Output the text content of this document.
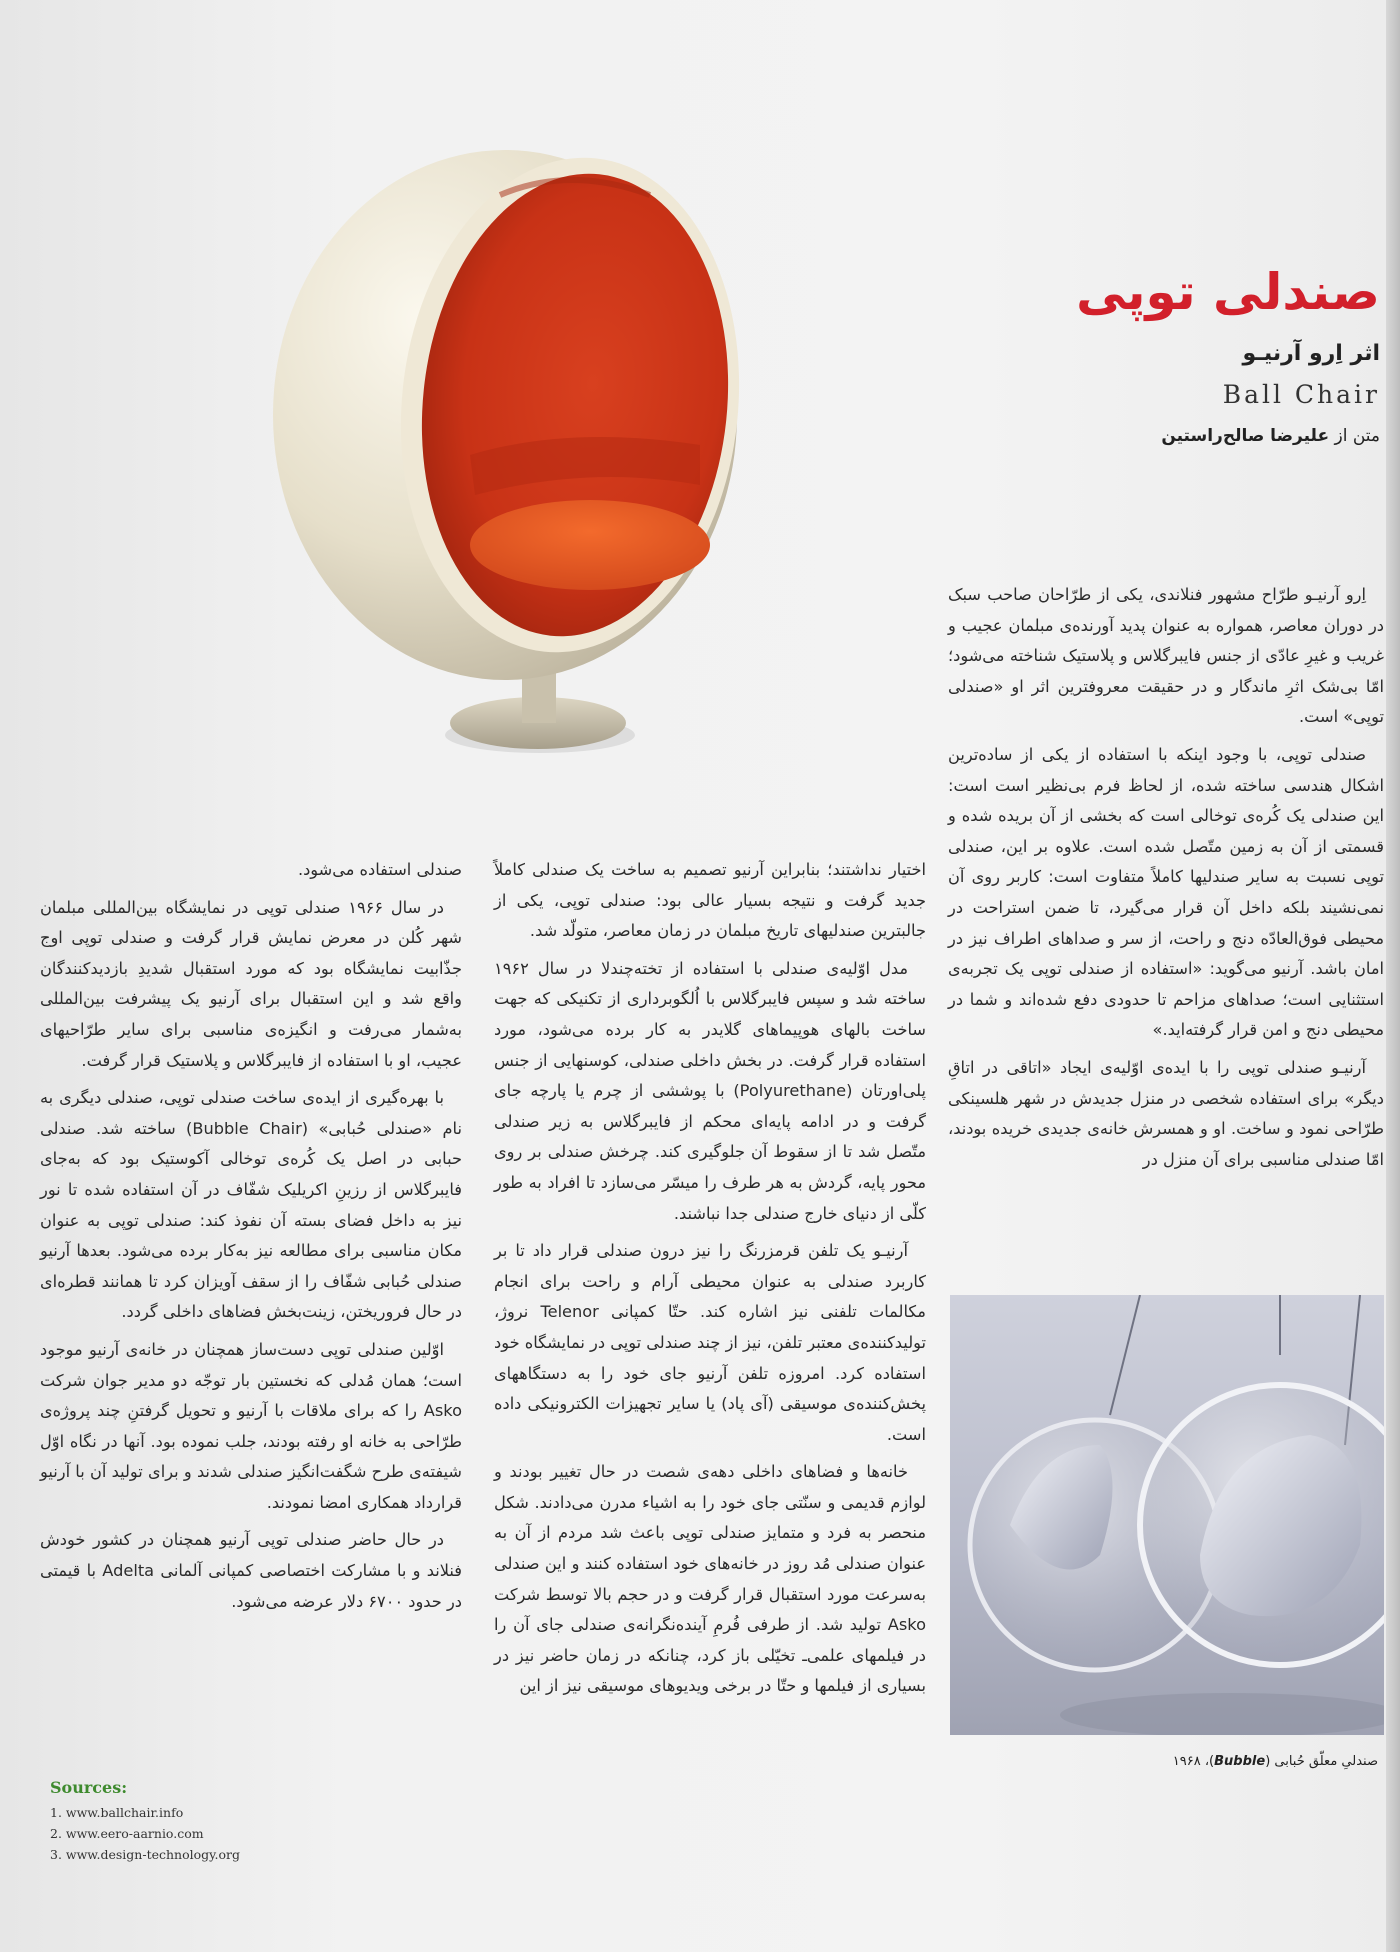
صندلی توپی
اثر اِرو آرنیـو
Ball Chair
متن از علیرضا صالح‌راستین

اِرو آرنیـو طرّاح مشهور فنلاندی، یکی از طرّاحان صاحب سبک در دوران معاصر، همواره به عنوان پدید آورنده‌ی مبلمان عجیب و غریب و غیرِ عادّی از جنس فایبرگلاس و پلاستیک شناخته می‌شود؛ امّا بی‌شک اثرِ ماندگار و در حقیقت معروفترین اثر او «صندلی توپی» است.

صندلی توپی، با وجود اینکه با استفاده از یکی از ساده‌ترین اشکال هندسی ساخته شده، از لحاظ فرم بی‌نظیر است است: این صندلی یک کُره‌ی توخالی است که بخشی از آن بریده شده و قسمتی از آن به زمین متّصل شده است. علاوه بر این، صندلی توپی نسبت به سایر صندلیها کاملاً متفاوت است: کاربر روی آن نمی‌نشیند بلکه داخل آن قرار می‌گیرد، تا ضمن استراحت در محیطی فوق‌العادّه دنج و راحت، از سر و صداهای اطراف نیز در امان باشد. آرنیو می‌گوید: «استفاده از صندلی توپی یک تجربه‌ی استثنایی است؛ صداهای مزاحم تا حدودی دفع شده‌اند و شما در محیطی دنج و امن قرار گرفته‌اید.»

آرنیـو صندلی توپی را با ایده‌ی اوّلیه‌ی ایجاد «اتاقی در اتاقِ دیگر» برای استفاده شخصی در منزل جدیدش در شهر هلسینکی طرّاحی نمود و ساخت. او و همسرش خانه‌ی جدیدی خریده بودند، امّا صندلی مناسبی برای آن منزل در

اختیار نداشتند؛ بنابراین آرنیو تصمیم به ساخت یک صندلی کاملاً جدید گرفت و نتیجه بسیار عالی بود: صندلی توپی، یکی از جالبترین صندلیهای تاریخ مبلمان در زمان معاصر، متولّد شد.

مدل اوّلیه‌ی صندلی با استفاده از تخته‌چندلا در سال ۱۹۶۲ ساخته شد و سپس فایبرگلاس با اُلگوبرداری از تکنیکی که جهت ساخت بالهای هوپیماهای گلایدر به کار برده می‌شود، مورد استفاده قرار گرفت. در بخش داخلی صندلی، کوسنهایی از جنس پلی‌اورتان (Polyurethane) با پوششی از چرم یا پارچه جای گرفت و در ادامه پایه‌ای محکم از فایبرگلاس به زیر صندلی متّصل شد تا از سقوط آن جلوگیری کند. چرخش صندلی بر روی محور پایه، گردش به هر طرف را میسّر می‌سازد تا افراد به طور کلّی از دنیای خارج صندلی جدا نباشند.

آرنیـو یک تلفن قرمزرنگ را نیز درون صندلی قرار داد تا بر کاربرد صندلی به عنوان محیطی آرام و راحت برای انجام مکالمات تلفنی نیز اشاره کند. حتّا کمپانی Telenor نروژ، تولیدکننده‌ی معتبر تلفن، نیز از چند صندلی توپی در نمایشگاه خود استفاده کرد. امروزه تلفن آرنیو جای خود را به دستگاههای پخش‌کننده‌ی موسیقی (آی پاد) یا سایر تجهیزات الکترونیکی داده است.

خانه‌ها و فضاهای داخلی دهه‌ی شصت در حال تغییر بودند و لوازم قدیمی و سنّتی جای خود را به اشیاء مدرن می‌دادند. شکل منحصر به فرد و متمایز صندلی توپی باعث شد مردم از آن به عنوان صندلی مُد روز در خانه‌های خود استفاده کنند و این صندلی به‌سرعت مورد استقبال قرار گرفت و در حجم بالا توسط شرکت Asko تولید شد. از طرفی فُرمِ آینده‌نگرانه‌ی صندلی جای آن را در فیلمهای علمی‌ـ تخیّلی باز کرد، چنانکه در زمان حاضر نیز در بسیاری از فیلمها و حتّا در برخی ویدیوهای موسیقی نیز از این

صندلی استفاده می‌شود.

در سال ۱۹۶۶ صندلی توپی در نمایشگاه بین‌المللی مبلمان شهر کُلن در معرض نمایش قرار گرفت و صندلی توپی اوج جذّابیت نمایشگاه بود که مورد استقبال شدیدِ بازدیدکنندگان واقع شد و این استقبال برای آرنیو یک پیشرفت بین‌المللی به‌شمار می‌رفت و انگیزه‌ی مناسبی برای سایر طرّاحیهای عجیب، او با استفاده از فایبرگلاس و پلاستیک قرار گرفت.

با بهره‌گیری از ایده‌ی ساخت صندلی توپی، صندلی دیگری به نام «صندلی حُبابی» (Bubble Chair) ساخته شد. صندلی حبابی در اصل یک کُره‌ی توخالی آکوستیک بود که به‌جای فایبرگلاس از رزینِ اکریلیک شفّاف در آن استفاده شده تا نور نیز به داخل فضای بسته آن نفوذ کند: صندلی توپی به عنوان مکان مناسبی برای مطالعه نیز به‌کار برده می‌شود. بعدها آرنیو صندلی حُبابی شفّاف را از سقف آویزان کرد تا همانند قطره‌ای در حال فروریختن، زینت‌بخش فضاهای داخلی گردد.

اوّلین صندلی توپی دست‌ساز همچنان در خانه‌ی آرنیو موجود است؛ همان مُدلی که نخستین بار توجّه دو مدیر جوان شرکت Asko را که برای ملاقات با آرنیو و تحویل گرفتنِ چند پروژه‌ی طرّاحی به خانه او رفته بودند، جلب نموده بود. آنها در نگاه اوّل شیفته‌ی طرح شگفت‌انگیز صندلی شدند و برای تولید آن با آرنیو قرارداد همکاری امضا نمودند.

در حال حاضر صندلی توپی آرنیو همچنان در کشور خودش فنلاند و با مشارکت اختصاصی کمپانی آلمانی Adelta با قیمتی در حدود ۶۷۰۰ دلار عرضه می‌شود.

صندلیِ معلّق حُبابی (Bubble)، ۱۹۶۸
Sources:
1. www.ballchair.info
2. www.eero-aarnio.com
3. www.design-technology.org
